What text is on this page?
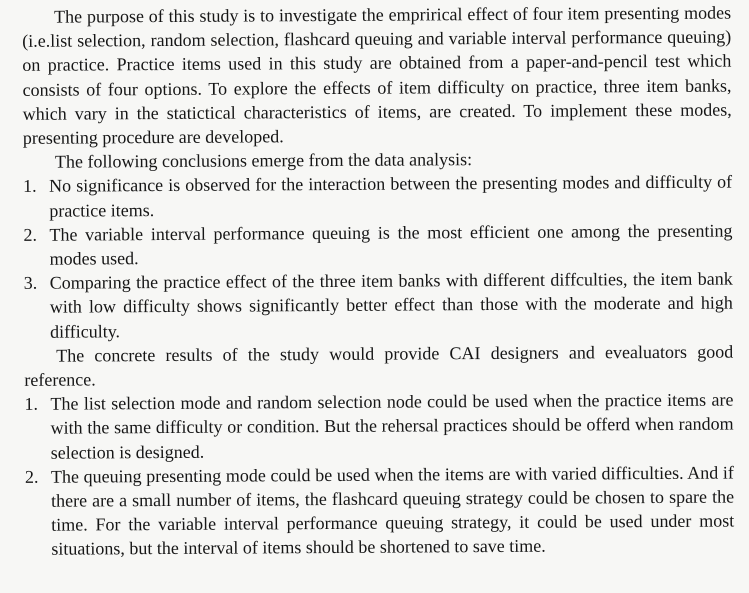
The purpose of this study is to investigate the emprirical effect of four item presenting modes (i.e.list selection, random selection, flashcard queuing and variable interval performance queuing) on practice. Practice items used in this study are obtained from a paper-and-pencil test which consists of four options. To explore the effects of item difficulty on practice, three item banks, which vary in the statictical characteristics of items, are created. To implement these modes, presenting procedure are developed.

The following conclusions emerge from the data analysis:

1. No significance is observed for the interaction between the presenting modes and difficulty of practice items.
2. The variable interval performance queuing is the most efficient one among the presenting modes used.
3. Comparing the practice effect of the three item banks with different diffculties, the item bank with low difficulty shows significantly better effect than those with the moderate and high difficulty.

The concrete results of the study would provide CAI designers and evealuators good reference.

1. The list selection mode and random selection node could be used when the practice items are with the same difficulty or condition. But the rehersal practices should be offerd when random selection is designed.
2. The queuing presenting mode could be used when the items are with varied difficulties. And if there are a small number of items, the flashcard queuing strategy could be chosen to spare the time. For the variable interval performance queuing strategy, it could be used under most situations, but the interval of items should be shortened to save time.
